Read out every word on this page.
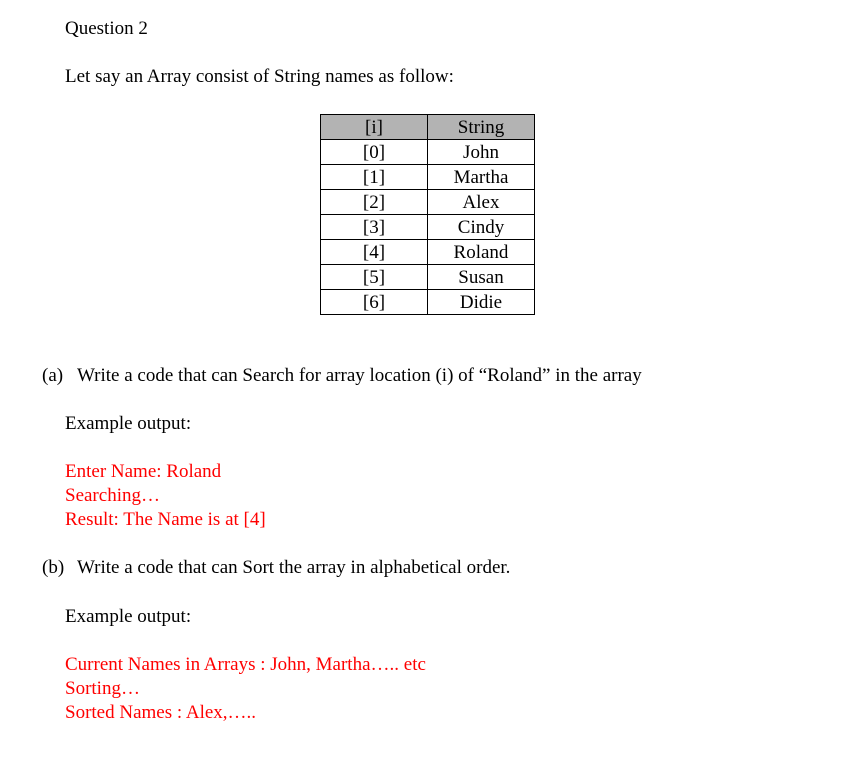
Question 2
Let say an Array consist of String names as follow:
[i]	String
[0]	John
[1]	Martha
[2]	Alex
[3]	Cindy
[4]	Roland
[5]	Susan
[6]	Didie
(a) Write a code that can Search for array location (i) of “Roland” in the array
Example output:
Enter Name: Roland
Searching…
Result: The Name is at [4]
(b) Write a code that can Sort the array in alphabetical order.
Example output:
Current Names in Arrays : John, Martha….. etc
Sorting…
Sorted Names : Alex,…..
